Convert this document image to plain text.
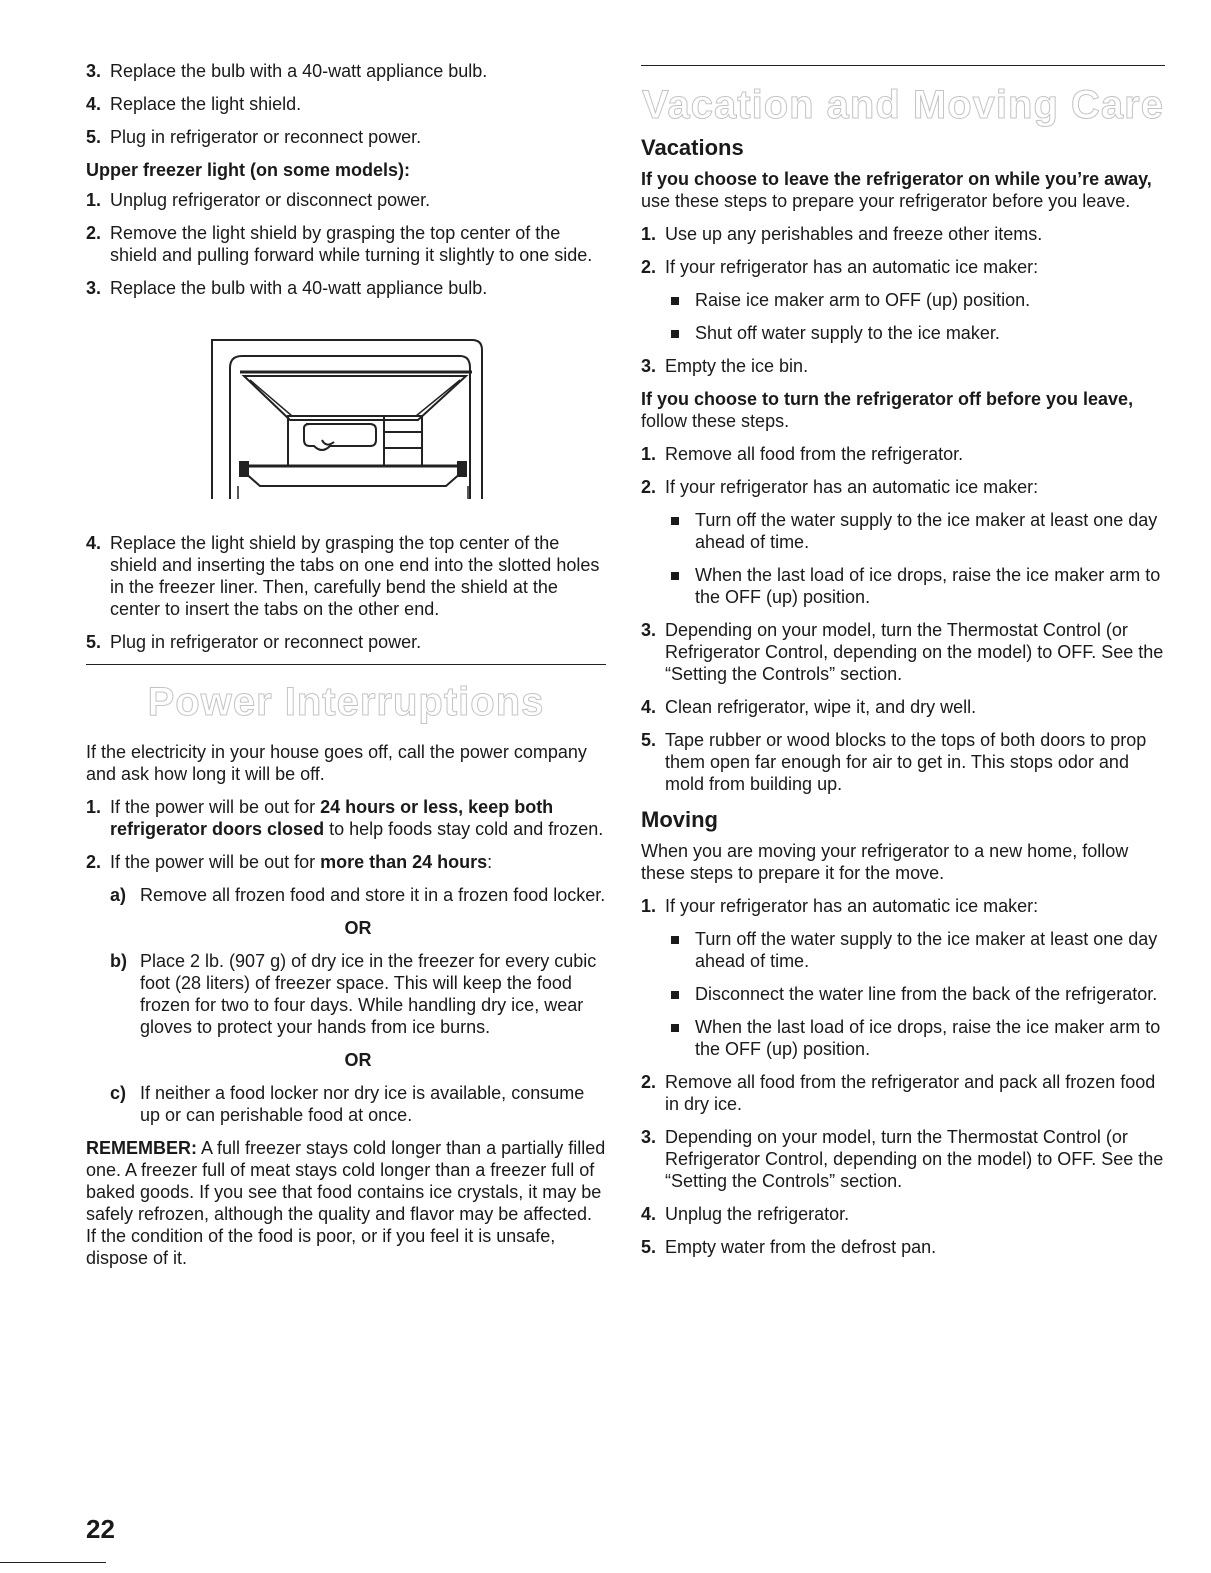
3. Replace the bulb with a 40-watt appliance bulb.
4. Replace the light shield.
5. Plug in refrigerator or reconnect power.
Upper freezer light (on some models):
1. Unplug refrigerator or disconnect power.
2. Remove the light shield by grasping the top center of the shield and pulling forward while turning it slightly to one side.
3. Replace the bulb with a 40-watt appliance bulb.
4. Replace the light shield by grasping the top center of the shield and inserting the tabs on one end into the slotted holes in the freezer liner. Then, carefully bend the shield at the center to insert the tabs on the other end.
5. Plug in refrigerator or reconnect power.
Power Interruptions

If the electricity in your house goes off, call the power company and ask how long it will be off.

1. If the power will be out for 24 hours or less, keep both refrigerator doors closed to help foods stay cold and frozen.
2. If the power will be out for more than 24 hours:
a) Remove all frozen food and store it in a frozen food locker.
OR
b) Place 2 lb. (907 g) of dry ice in the freezer for every cubic foot (28 liters) of freezer space. This will keep the food frozen for two to four days. While handling dry ice, wear gloves to protect your hands from ice burns.
OR
c) If neither a food locker nor dry ice is available, consume up or can perishable food at once.

REMEMBER: A full freezer stays cold longer than a partially filled one. A freezer full of meat stays cold longer than a freezer full of baked goods. If you see that food contains ice crystals, it may be safely refrozen, although the quality and flavor may be affected. If the condition of the food is poor, or if you feel it is unsafe, dispose of it.

Vacation and Moving Care
Vacations

If you choose to leave the refrigerator on while you’re away, use these steps to prepare your refrigerator before you leave.

1. Use up any perishables and freeze other items.
2. If your refrigerator has an automatic ice maker:
Raise ice maker arm to OFF (up) position.
Shut off water supply to the ice maker.
3. Empty the ice bin.

If you choose to turn the refrigerator off before you leave, follow these steps.

1. Remove all food from the refrigerator.
2. If your refrigerator has an automatic ice maker:
Turn off the water supply to the ice maker at least one day ahead of time.
When the last load of ice drops, raise the ice maker arm to the OFF (up) position.
3. Depending on your model, turn the Thermostat Control (or Refrigerator Control, depending on the model) to OFF. See the “Setting the Controls” section.
4. Clean refrigerator, wipe it, and dry well.
5. Tape rubber or wood blocks to the tops of both doors to prop them open far enough for air to get in. This stops odor and mold from building up.
Moving

When you are moving your refrigerator to a new home, follow these steps to prepare it for the move.

1. If your refrigerator has an automatic ice maker:
Turn off the water supply to the ice maker at least one day ahead of time.
Disconnect the water line from the back of the refrigerator.
When the last load of ice drops, raise the ice maker arm to the OFF (up) position.
2. Remove all food from the refrigerator and pack all frozen food in dry ice.
3. Depending on your model, turn the Thermostat Control (or Refrigerator Control, depending on the model) to OFF. See the “Setting the Controls” section.
4. Unplug the refrigerator.
5. Empty water from the defrost pan.
22
